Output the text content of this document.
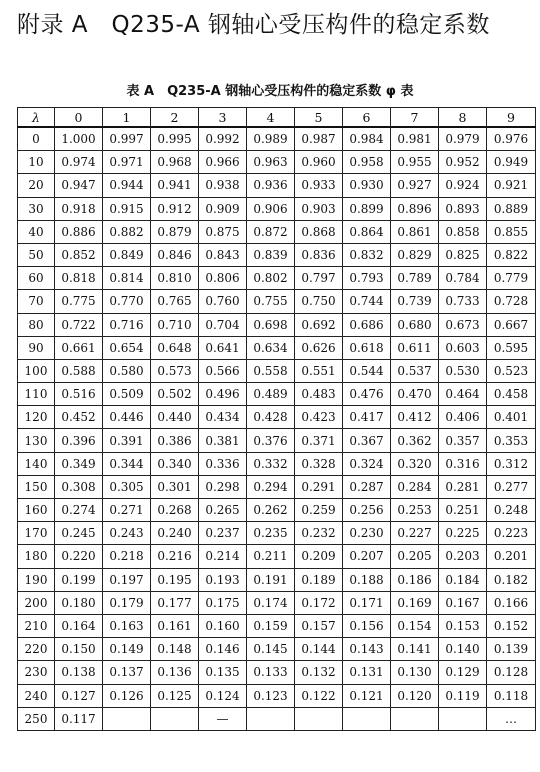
附录 A　Q235-A 钢轴心受压构件的稳定系数
表 A　Q235-A 钢轴心受压构件的稳定系数 φ 表
λ	0	1	2	3	4	5	6	7	8	9
0	1.000	0.997	0.995	0.992	0.989	0.987	0.984	0.981	0.979	0.976
10	0.974	0.971	0.968	0.966	0.963	0.960	0.958	0.955	0.952	0.949
20	0.947	0.944	0.941	0.938	0.936	0.933	0.930	0.927	0.924	0.921
30	0.918	0.915	0.912	0.909	0.906	0.903	0.899	0.896	0.893	0.889
40	0.886	0.882	0.879	0.875	0.872	0.868	0.864	0.861	0.858	0.855
50	0.852	0.849	0.846	0.843	0.839	0.836	0.832	0.829	0.825	0.822
60	0.818	0.814	0.810	0.806	0.802	0.797	0.793	0.789	0.784	0.779
70	0.775	0.770	0.765	0.760	0.755	0.750	0.744	0.739	0.733	0.728
80	0.722	0.716	0.710	0.704	0.698	0.692	0.686	0.680	0.673	0.667
90	0.661	0.654	0.648	0.641	0.634	0.626	0.618	0.611	0.603	0.595
100	0.588	0.580	0.573	0.566	0.558	0.551	0.544	0.537	0.530	0.523
110	0.516	0.509	0.502	0.496	0.489	0.483	0.476	0.470	0.464	0.458
120	0.452	0.446	0.440	0.434	0.428	0.423	0.417	0.412	0.406	0.401
130	0.396	0.391	0.386	0.381	0.376	0.371	0.367	0.362	0.357	0.353
140	0.349	0.344	0.340	0.336	0.332	0.328	0.324	0.320	0.316	0.312
150	0.308	0.305	0.301	0.298	0.294	0.291	0.287	0.284	0.281	0.277
160	0.274	0.271	0.268	0.265	0.262	0.259	0.256	0.253	0.251	0.248
170	0.245	0.243	0.240	0.237	0.235	0.232	0.230	0.227	0.225	0.223
180	0.220	0.218	0.216	0.214	0.211	0.209	0.207	0.205	0.203	0.201
190	0.199	0.197	0.195	0.193	0.191	0.189	0.188	0.186	0.184	0.182
200	0.180	0.179	0.177	0.175	0.174	0.172	0.171	0.169	0.167	0.166
210	0.164	0.163	0.161	0.160	0.159	0.157	0.156	0.154	0.153	0.152
220	0.150	0.149	0.148	0.146	0.145	0.144	0.143	0.141	0.140	0.139
230	0.138	0.137	0.136	0.135	0.133	0.132	0.131	0.130	0.129	0.128
240	0.127	0.126	0.125	0.124	0.123	0.122	0.121	0.120	0.119	0.118
250	0.117			—						…
